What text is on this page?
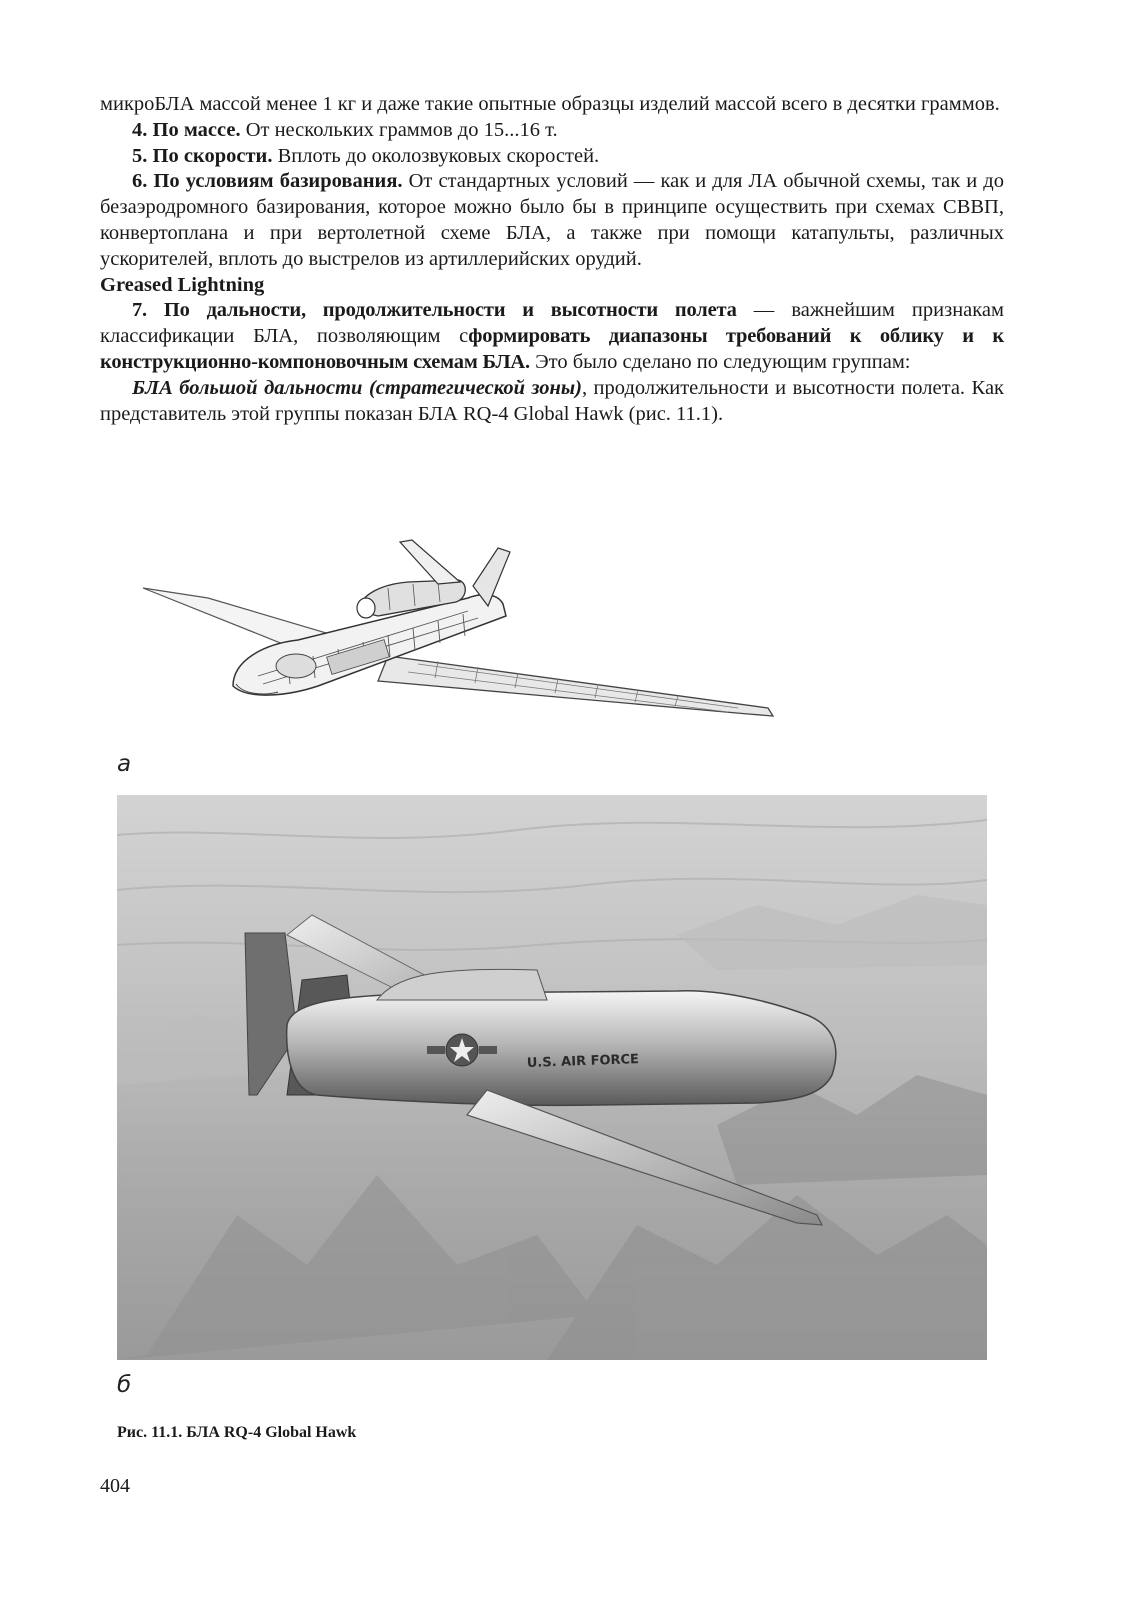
микроБЛА массой менее 1 кг и даже такие опытные образцы изделий массой всего в десятки граммов.

4. По массе. От нескольких граммов до 15...16 т.

5. По скорости. Вплоть до околозвуковых скоростей.

6. По условиям базирования. От стандартных условий — как и для ЛА обычной схемы, так и до безаэродромного базирования, которое можно было бы в принципе осуществить при схемах СВВП, конвертоплана и при вертолетной схеме БЛА, а также при помощи катапульты, различных ускорителей, вплоть до выстрелов из артиллерийских орудий.

Greased Lightning

7. По дальности, продолжительности и высотности полета — важнейшим признакам классификации БЛА, позволяющим сформировать диапазоны требований к облику и к конструкционно-компоновочным схемам БЛА. Это было сделано по следующим группам:

БЛА большой дальности (стратегической зоны), продолжительности и высотности полета. Как представитель этой группы показан БЛА RQ-4 Global Hawk (рис. 11.1).

а
U.S. AIR FORCE
б
Рис. 11.1. БЛА RQ-4 Global Hawk
404
